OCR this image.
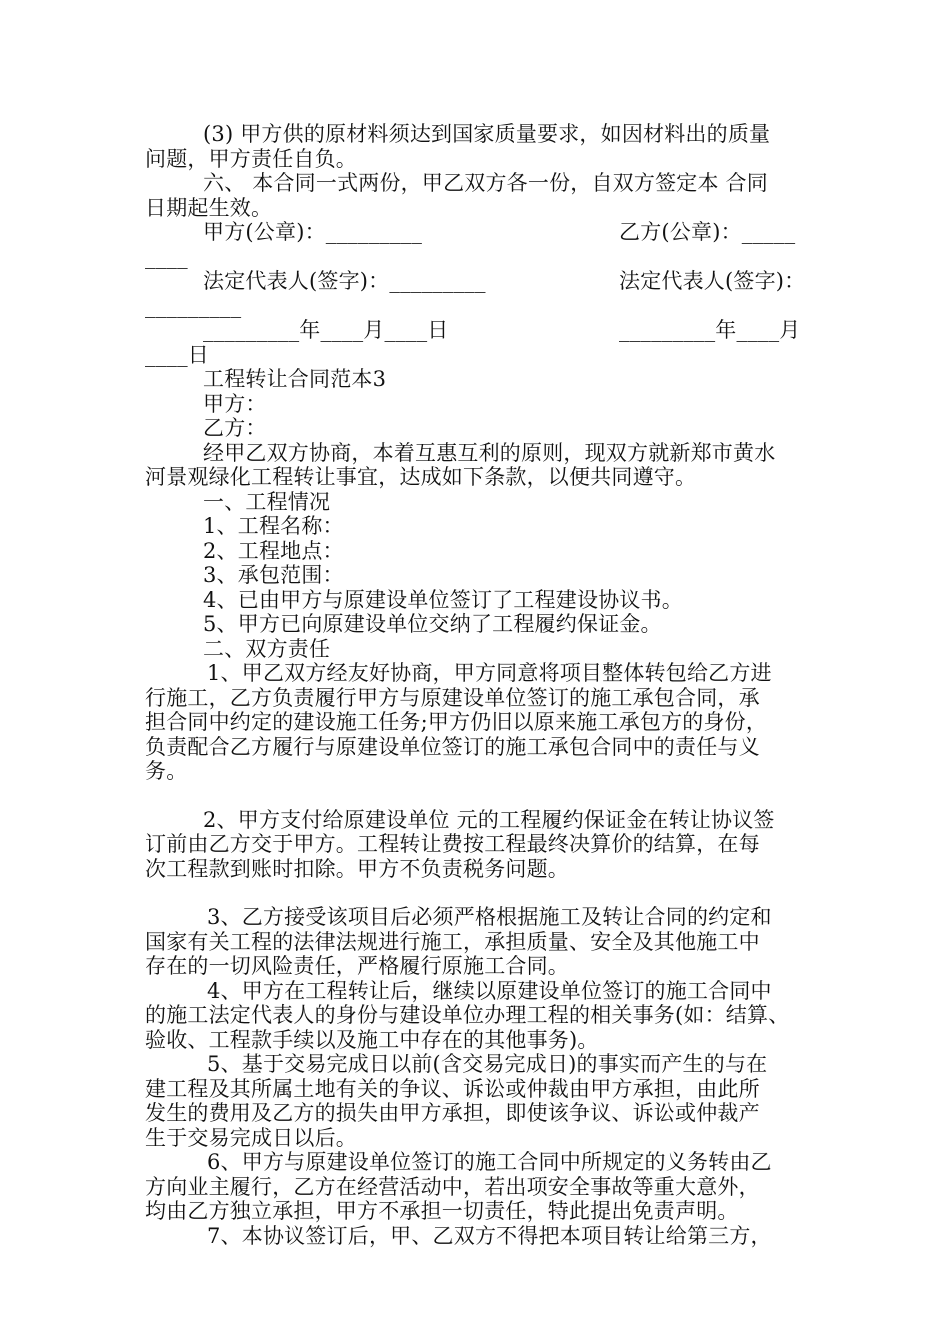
(3) 甲方供的原材料须达到国家质量要求，如因材料出的质量
问题，甲方责任自负。
六、 本合同一式两份，甲乙双方各一份，自双方签定本 合同
日期起生效。
甲方(公章)：_________	乙方(公章)：_____
____
法定代表人(签字)：_________	法定代表人(签字)：
_________
_________年____月____日	_________年____月
____日
工程转让合同范本3
甲方：
乙方：
经甲乙双方协商，本着互惠互利的原则，现双方就新郑市黄水
河景观绿化工程转让事宜，达成如下条款，以便共同遵守。
一、工程情况
1、工程名称：
2、工程地点：
3、承包范围：
4、已由甲方与原建设单位签订了工程建设协议书。
5、甲方已向原建设单位交纳了工程履约保证金。
二、双方责任
1、甲乙双方经友好协商，甲方同意将项目整体转包给乙方进
行施工，乙方负责履行甲方与原建设单位签订的施工承包合同，承
担合同中约定的建设施工任务;甲方仍旧以原来施工承包方的身份，
负责配合乙方履行与原建设单位签订的施工承包合同中的责任与义
务。
2、甲方支付给原建设单位 元的工程履约保证金在转让协议签
订前由乙方交于甲方。工程转让费按工程最终决算价的结算，在每
次工程款到账时扣除。甲方不负责税务问题。
3、乙方接受该项目后必须严格根据施工及转让合同的约定和
国家有关工程的法律法规进行施工，承担质量、安全及其他施工中
存在的一切风险责任，严格履行原施工合同。
4、甲方在工程转让后，继续以原建设单位签订的施工合同中
的施工法定代表人的身份与建设单位办理工程的相关事务(如：结算、
验收、工程款手续以及施工中存在的其他事务)。
5、基于交易完成日以前(含交易完成日)的事实而产生的与在
建工程及其所属土地有关的争议、诉讼或仲裁由甲方承担，由此所
发生的费用及乙方的损失由甲方承担，即使该争议、诉讼或仲裁产
生于交易完成日以后。
6、甲方与原建设单位签订的施工合同中所规定的义务转由乙
方向业主履行，乙方在经营活动中，若出项安全事故等重大意外，
均由乙方独立承担，甲方不承担一切责任，特此提出免责声明。
7、本协议签订后，甲、乙双方不得把本项目转让给第三方，
